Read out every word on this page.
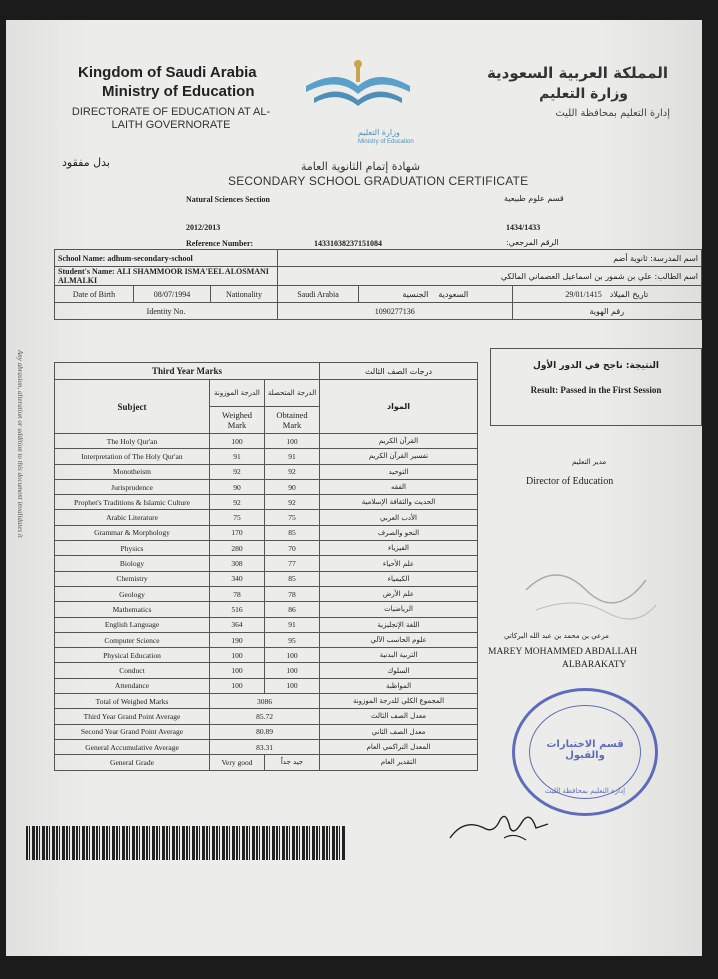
Kingdom of Saudi Arabia
Ministry of Education
DIRECTORATE OF EDUCATION AT AL-
LAITH GOVERNORATE
وزارة التعليم
Ministry of Education
المملكة العربية السعودية
وزارة التعليم
إدارة التعليم بمحافظة الليث
بدل مفقود	شهادة إتمام الثانوية العامة
SECONDARY SCHOOL GRADUATION CERTIFICATE
Natural Sciences Section	قسم علوم طبيعية
2012/2013	1434/1433
Reference Number:	14331038237151084	الرقم المرجعي:
School Name: adhum-secondary-school			اسم المدرسة: ثانوية أضم		
Student's Name: ALI SHAMMOOR ISMA'EEL ALOSMANI ALMALKI			اسم الطالب: علي بن شمور بن اسماعيل العصماني المالكي		
Date of Birth	08/07/1994	Nationality	Saudi Arabia	السعودية     الجنسية	29/01/1415 تاريخ الميلاد
Identity No.			1090277136		رقم الهوية
Any abrasion, alteration or addition to this document invalidates it	Third Year Marks			درجات الصف الثالث
Subject	الدرجة الموزونة	الدرجة المتحصلة	المواد
	Weighed Mark	Obtained Mark	
The Holy Qur'an	100	100	القرآن الكريم
Interpretation of The Holy Qur'an	91	91	تفسير القرآن الكريم
Monotheism	92	92	التوحيد
Jurisprudence	90	90	الفقه
Prophet's Traditions & Islamic Culture	92	92	الحديث والثقافة الإسلامية
Arabic Literature	75	75	الأدب العربي
Grammar & Morphology	170	85	النحو والصرف
Physics	280	70	الفيزياء
Biology	308	77	علم الأحياء
Chemistry	340	85	الكيمياء
Geology	78	78	علم الأرض
Mathematics	516	86	الرياضيات
English Language	364	91	اللغة الإنجليزية
Computer Science	190	95	علوم الحاسب الآلي
Physical Education	100	100	التربية البدنية
Conduct	100	100	السلوك
Attendance	100	100	المواظبة
Total of Weighed Marks	3086		المجموع الكلي للدرجة الموزونة
Third Year Grand Point Average	85.72		معدل الصف الثالث
Second Year Grand Point Average	80.89		معدل الصف الثاني
General Accumulative Average	83.31		المعدل التراكمي العام
General Grade	Very good	جيد جداً	التقدير العام
النتيجة: ناجح في الدور الأول
Result: Passed in the First Session
مدير التعليم
Director of Education
مرعي بن محمد بن عبد الله البركاتي
MAREY MOHAMMED ABDALLAH
ALBARAKATY
قسم الاختبارات والقبول
إدارة التعليم بمحافظة الليث
